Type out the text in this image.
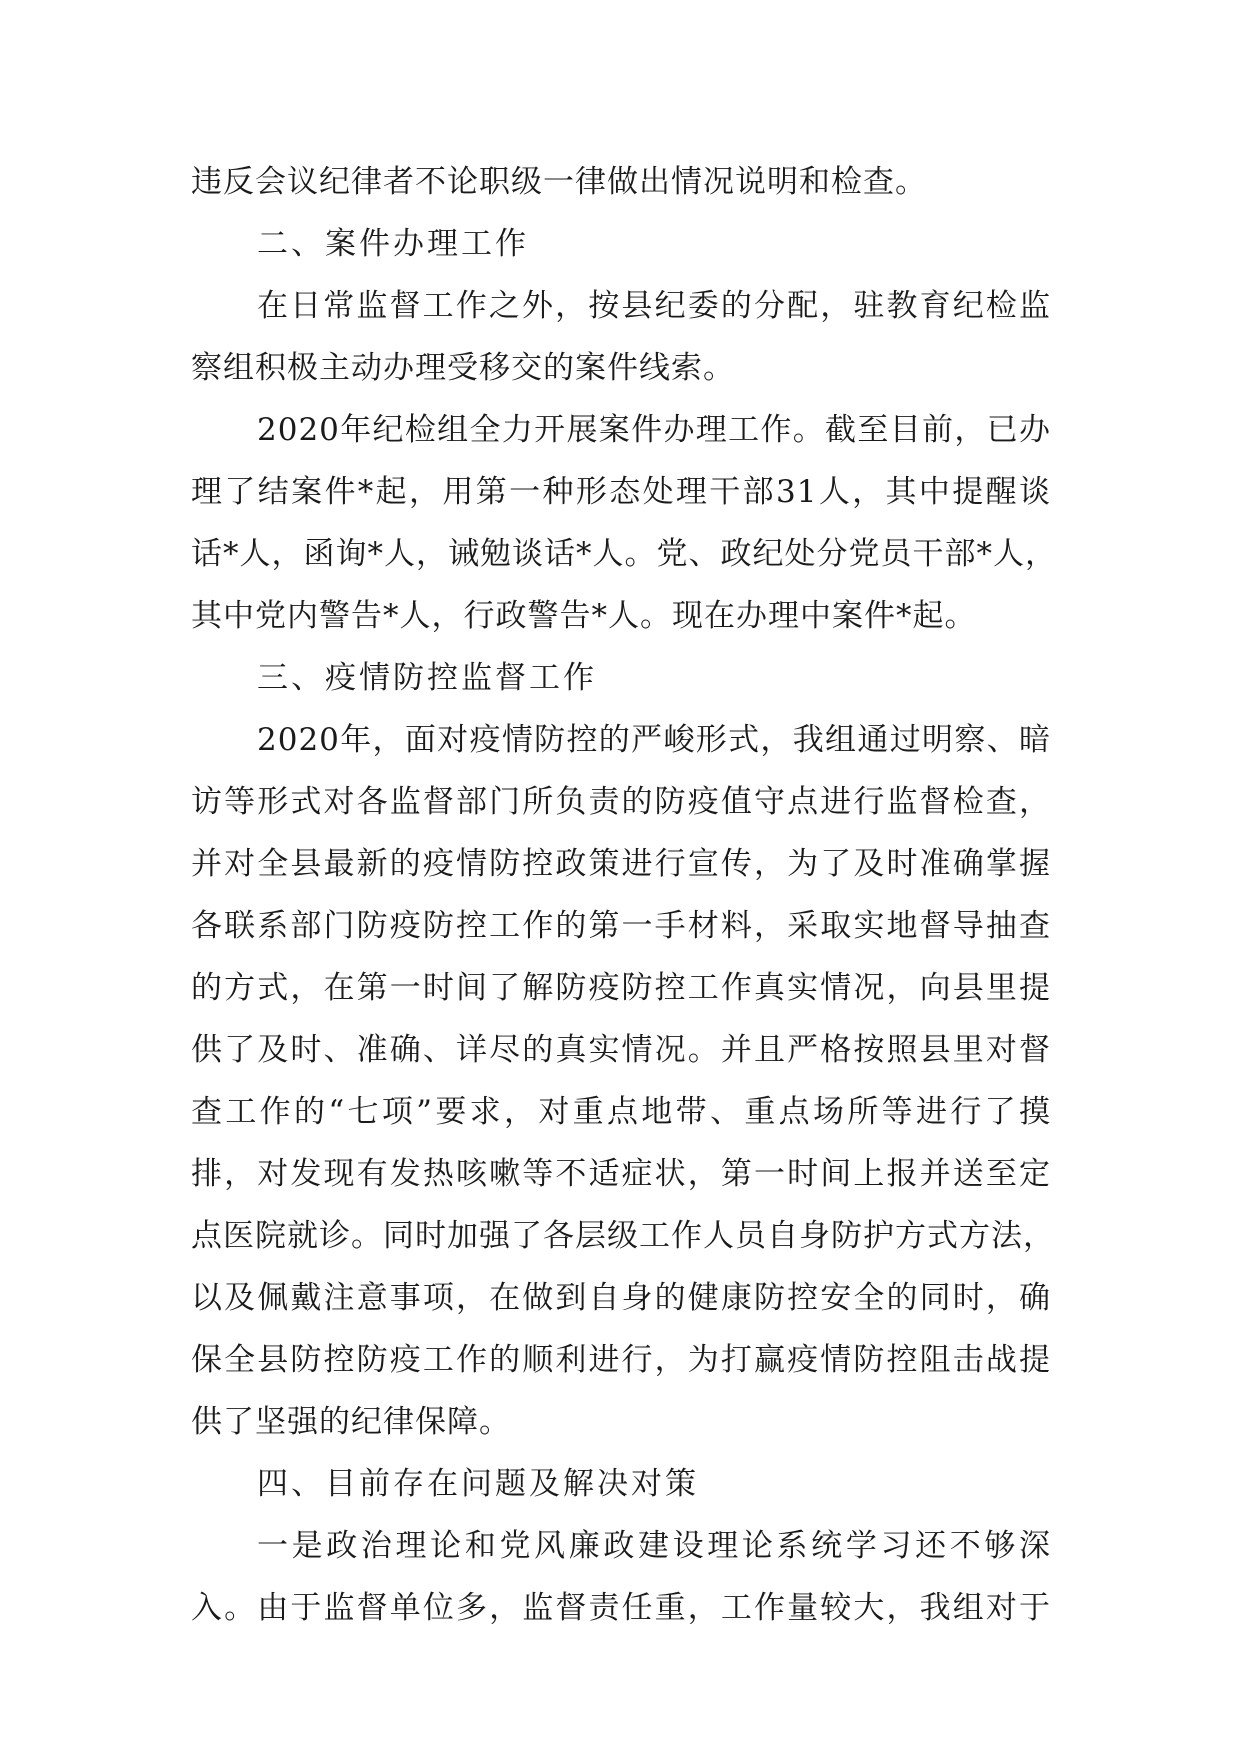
违反会议纪律者不论职级一律做出情况说明和检查。
二、案件办理工作
在日常监督工作之外，按县纪委的分配，驻教育纪检监
察组积极主动办理受移交的案件线索。
2020年纪检组全力开展案件办理工作。截至目前，已办
理了结案件*起，用第一种形态处理干部31人，其中提醒谈
话*人，函询*人，诫勉谈话*人。党、政纪处分党员干部*人，
其中党内警告*人，行政警告*人。现在办理中案件*起。
三、疫情防控监督工作
2020年，面对疫情防控的严峻形式，我组通过明察、暗
访等形式对各监督部门所负责的防疫值守点进行监督检查，
并对全县最新的疫情防控政策进行宣传，为了及时准确掌握
各联系部门防疫防控工作的第一手材料，采取实地督导抽查
的方式，在第一时间了解防疫防控工作真实情况，向县里提
供了及时、准确、详尽的真实情况。并且严格按照县里对督
查工作的“七项”要求，对重点地带、重点场所等进行了摸
排，对发现有发热咳嗽等不适症状，第一时间上报并送至定
点医院就诊。同时加强了各层级工作人员自身防护方式方法，
以及佩戴注意事项，在做到自身的健康防控安全的同时，确
保全县防控防疫工作的顺利进行，为打赢疫情防控阻击战提
供了坚强的纪律保障。
四、目前存在问题及解决对策
一是政治理论和党风廉政建设理论系统学习还不够深
入。由于监督单位多，监督责任重，工作量较大，我组对于
